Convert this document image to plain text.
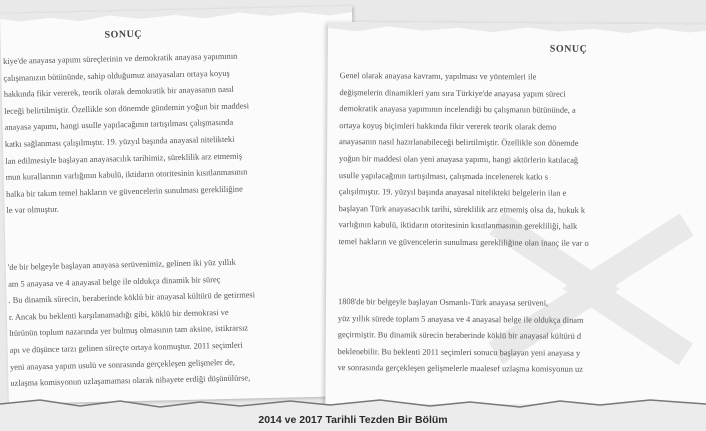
SONUÇ
kiye'de anayasa yapımı süreçlerinin ve demokratik anayasa yapımının
çalışmanızın bütününde, sahip olduğumuz anayasaları ortaya koyuş
hakkında fikir vererek, teorik olarak demokratik bir anayasanın nasıl
leceği belirtilmiştir. Özellikle son dönemde gündemin yoğun bir maddesi
anayasa yapımı, hangi usulle yapılacağının tartışılması çalışmasında
katkı sağlanması çalışılmıştır. 19. yüzyıl başında anayasal nitelikteki
lan edilmesiyle başlayan anayasacılık tarihimiz, süreklilik arz etmemiş
mun kurallarının varlığının kabulü, iktidarın otoritesinin kısıtlanmasının
halka bir takım temel hakların ve güvencelerin sunulması gerekliliğine
le var olmuştur.
'de bir belgeyle başlayan anayasa serüvenimiz, gelinen iki yüz yıllık
am 5 anayasa ve 4 anayasal belge ile oldukça dinamik bir süreç
. Bu dinamik sürecin, beraberinde köklü bir anayasal kültürü de getirmesi
r. Ancak bu beklenti karşılanamadığı gibi, köklü bir demokrasi ve
ltürünün toplum nazarında yer bulmuş olmasının tam aksine, istikrarsız
apı ve düşünce tarzı gelinen süreçte ortaya konmuştur. 2011 seçimleri
yeni anayasa yapım usulü ve sonrasında gerçekleşen gelişmeler de,
uzlaşma komisyonun uzlaşamaması olarak nihayete erdiği düşünülürse,
SONUÇ
Genel olarak anayasa kavramı, yapılması ve yöntemleri ile
değişmelerin dinamikleri yanı sıra Türkiye'de anayasa yapım süreci
demokratik anayasa yapımının incelendiği bu çalışmanın bütününde, a
ortaya koyuş biçimleri hakkında fikir vererek teorik olarak demo
anayasanın nasıl hazırlanabileceği belirtilmiştir. Özellikle son dönemde
yoğun bir maddesi olan yeni anayasa yapımı, hangi aktörlerin katılacağ
usulle yapılacağının tartışılması, çalışmada incelenerek katkı s
çalışılmıştır. 19. yüzyıl başında anayasal nitelikteki belgelerin ilan e
başlayan Türk anayasacılık tarihi, süreklilik arz etmemiş olsa da, hukuk k
varlığının kabulü, iktidarın otoritesinin kısıtlanmasının gerekliliği, halk
temel hakların ve güvencelerin sunulması gerekliliğine olan inanç ile var o
1808'de bir belgeyle başlayan Osmanlı-Türk anayasa serüveni,
yüz yıllık sürede toplam 5 anayasa ve 4 anayasal belge ile oldukça dinam
geçirmiştir. Bu dinamik sürecin beraberinde köklü bir anayasal kültürü d
beklenebilir. Bu beklenti 2011 seçimleri sonucu başlayan yeni anayasa y
ve sonrasında gerçekleşen gelişmelerle maalesef uzlaşma komisyonun uz
2014 ve 2017 Tarihli Tezden Bir Bölüm
